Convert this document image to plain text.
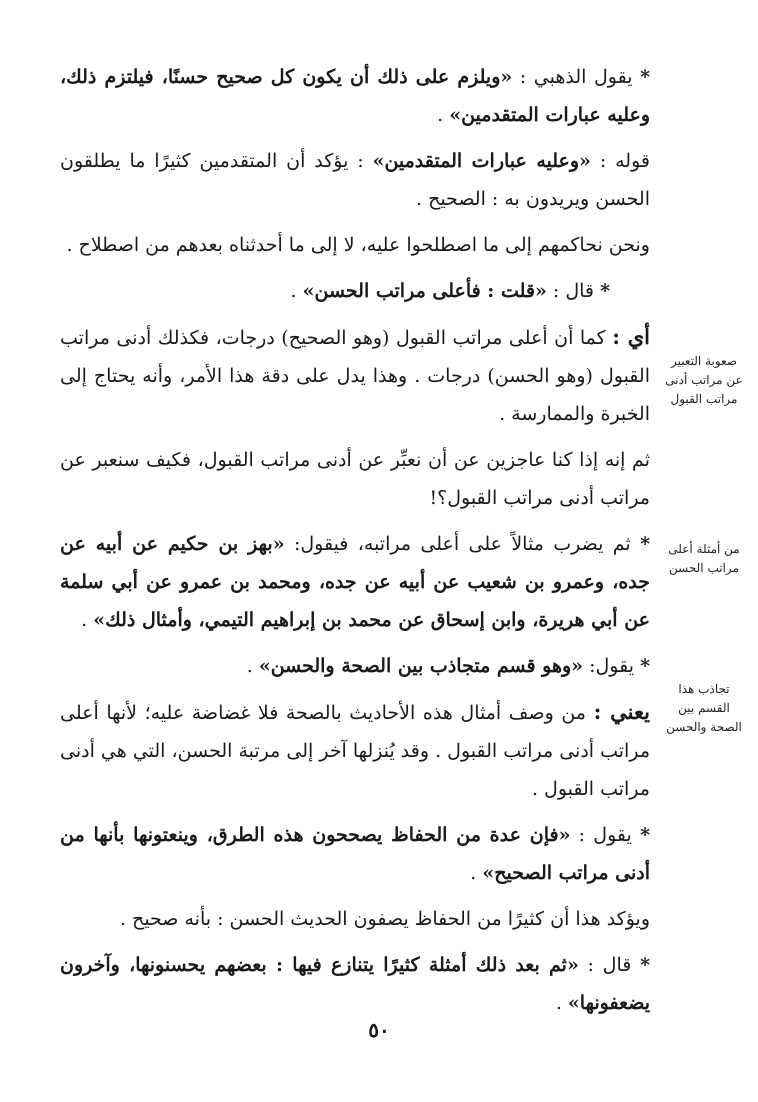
صعوبة التعبير عن مراتب أدنى مراتب القبول
من أمثلة أعلى مراتب الحسن
تجاذب هذا القسم بين الصحة والحسن

* يقول الذهبي : «ويلزم على ذلك أن يكون كل صحيح حسنًا، فيلتزم ذلك، وعليه عبارات المتقدمين» .

قوله : «وعليه عبارات المتقدمين» : يؤكد أن المتقدمين كثيرًا ما يطلقون الحسن ويريدون به : الصحيح .

ونحن نحاكمهم إلى ما اصطلحوا عليه، لا إلى ما أحدثناه بعدهم من اصطلاح .

* قال : «قلت : فأعلى مراتب الحسن» .

أي : كما أن أعلى مراتب القبول (وهو الصحيح) درجات، فكذلك أدنى مراتب القبول (وهو الحسن) درجات . وهذا يدل على دقة هذا الأمر، وأنه يحتاج إلى الخبرة والممارسة .

ثم إنه إذا كنا عاجزين عن أن نعبِّر عن أدنى مراتب القبول، فكيف سنعبر عن مراتب أدنى مراتب القبول؟!

* ثم يضرب مثالاً على أعلى مراتبه، فيقول: «بهز بن حكيم عن أبيه عن جده، وعمرو بن شعيب عن أبيه عن جده، ومحمد بن عمرو عن أبي سلمة عن أبي هريرة، وابن إسحاق عن محمد بن إبراهيم التيمي، وأمثال ذلك» .

* يقول: «وهو قسم متجاذب بين الصحة والحسن» .

يعني : من وصف أمثال هذه الأحاديث بالصحة فلا غضاضة عليه؛ لأنها أعلى مراتب أدنى مراتب القبول . وقد يُنزلها آخر إلى مرتبة الحسن، التي هي أدنى مراتب القبول .

* يقول : «فإن عدة من الحفاظ يصححون هذه الطرق، وينعتونها بأنها من أدنى مراتب الصحيح» .

ويؤكد هذا أن كثيرًا من الحفاظ يصفون الحديث الحسن : بأنه صحيح .

* قال : «ثم بعد ذلك أمثلة كثيرًا يتنازع فيها : بعضهم يحسنونها، وآخرون يضعفونها» .

٥٠
